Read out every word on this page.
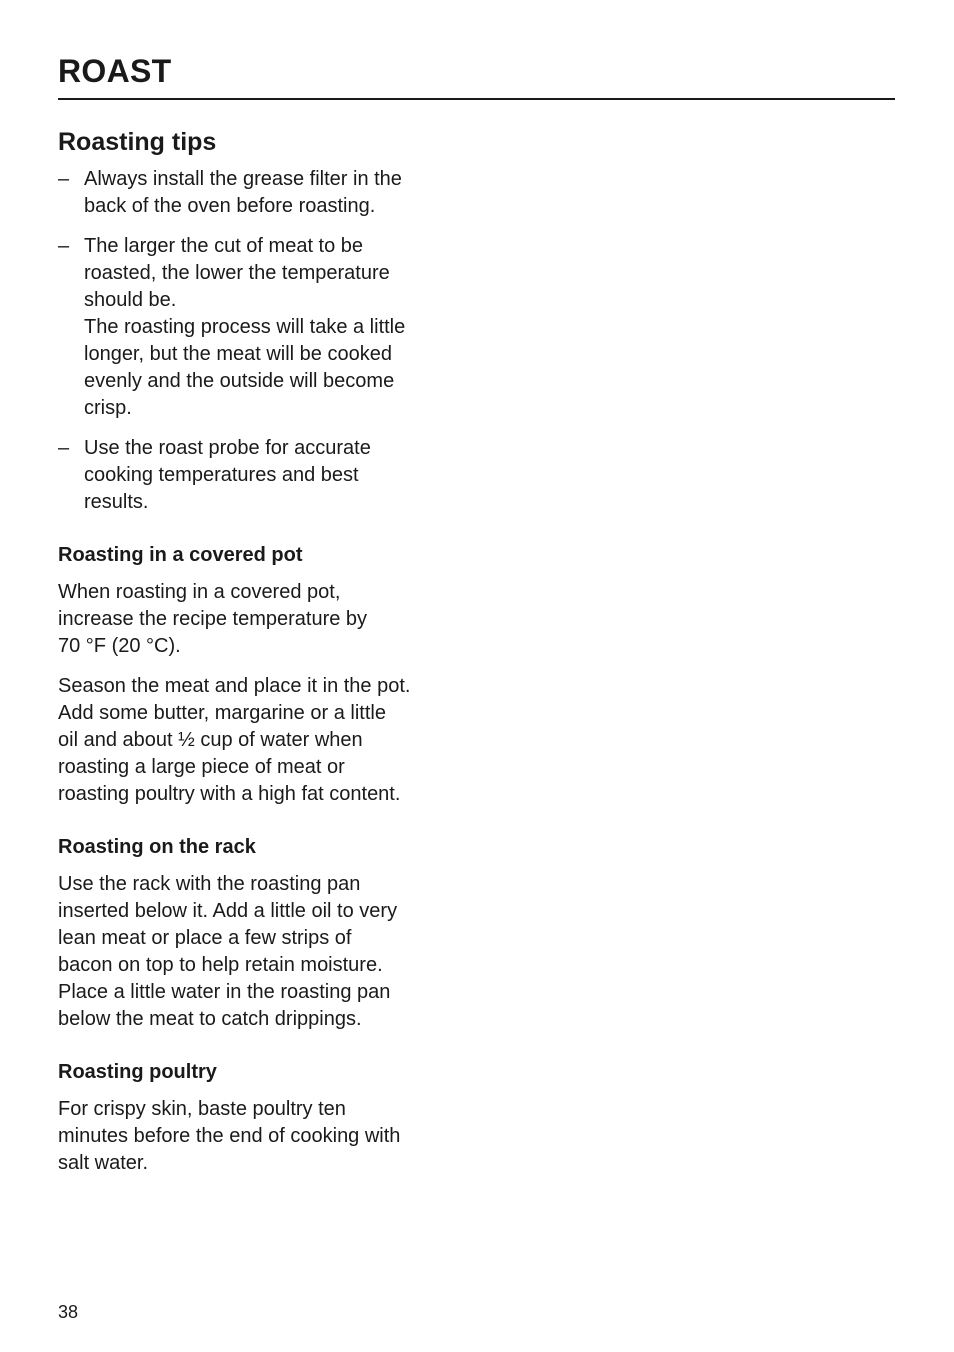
ROAST
Roasting tips
– Always install the grease filter in the
back of the oven before roasting.
– The larger the cut of meat to be
roasted, the lower the temperature
should be.
The roasting process will take a little
longer, but the meat will be cooked
evenly and the outside will become
crisp.
– Use the roast probe for accurate
cooking temperatures and best
results.
Roasting in a covered pot

When roasting in a covered pot,
increase the recipe temperature by
70 °F (20 °C).

Season the meat and place it in the pot.
Add some butter, margarine or a little
oil and about ½ cup of water when
roasting a large piece of meat or
roasting poultry with a high fat content.

Roasting on the rack

Use the rack with the roasting pan
inserted below it. Add a little oil to very
lean meat or place a few strips of
bacon on top to help retain moisture.
Place a little water in the roasting pan
below the meat to catch drippings.

Roasting poultry

For crispy skin, baste poultry ten
minutes before the end of cooking with
salt water.

38
